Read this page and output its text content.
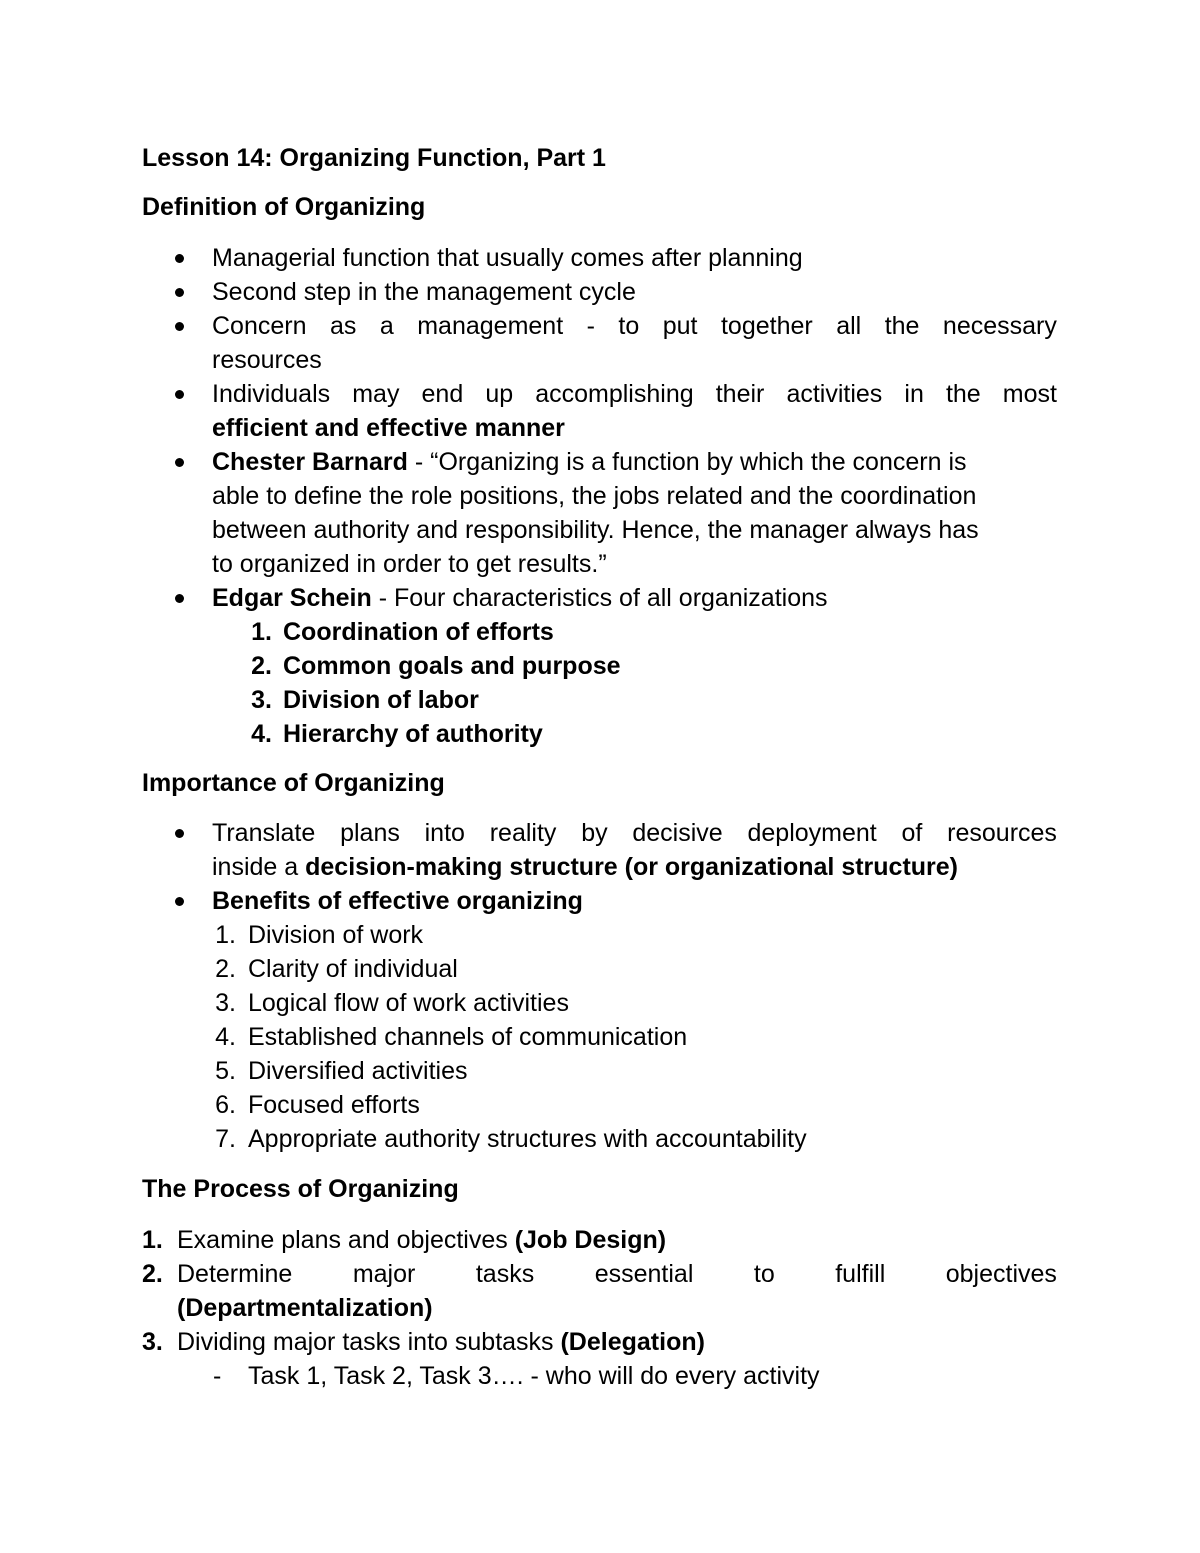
Lesson 14: Organizing Function, Part 1
Definition of Organizing
Managerial function that usually comes after planning
Second step in the management cycle
Concern as a management - to put together all the necessary
resources
Individuals may end up accomplishing their activities in the most
efficient and effective manner
Chester Barnard - “Organizing is a function by which the concern is
able to define the role positions, the jobs related and the coordination
between authority and responsibility. Hence, the manager always has
to organized in order to get results.”
Edgar Schein - Four characteristics of all organizations
1. Coordination of efforts
2. Common goals and purpose
3. Division of labor
4. Hierarchy of authority
Importance of Organizing
Translate plans into reality by decisive deployment of resources
inside a decision-making structure (or organizational structure)
Benefits of effective organizing
1. Division of work
2. Clarity of individual
3. Logical flow of work activities
4. Established channels of communication
5. Diversified activities
6. Focused efforts
7. Appropriate authority structures with accountability
The Process of Organizing
1. Examine plans and objectives (Job Design)
2. Determine major tasks essential to fulfill objectives
(Departmentalization)
3. Dividing major tasks into subtasks (Delegation)
- Task 1, Task 2, Task 3…. - who will do every activity
